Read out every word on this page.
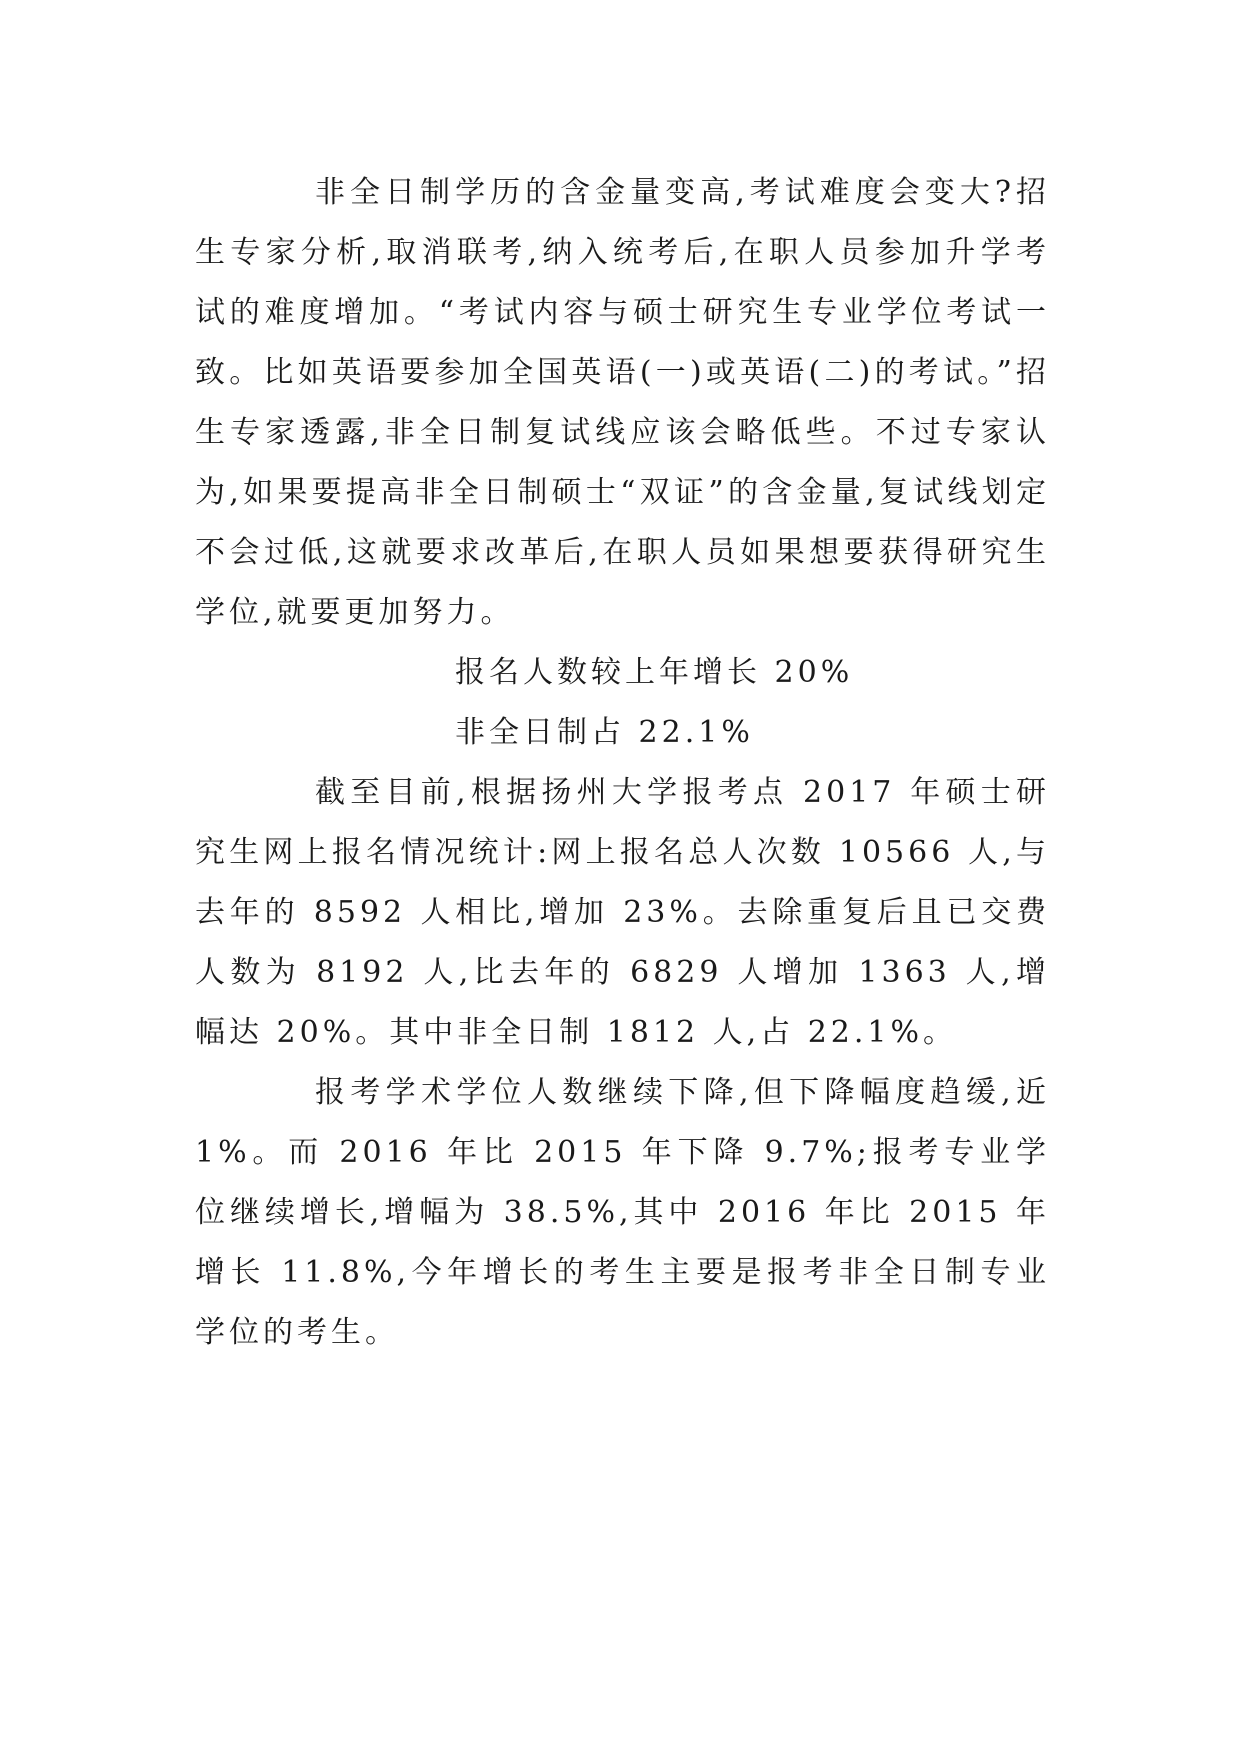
非全日制学历的含金量变高,考试难度会变大?招生专家分析,取消联考,纳入统考后,在职人员参加升学考试的难度增加。“考试内容与硕士研究生专业学位考试一致。比如英语要参加全国英语(一)或英语(二)的考试。”招生专家透露,非全日制复试线应该会略低些。不过专家认为,如果要提高非全日制硕士“双证”的含金量,复试线划定不会过低,这就要求改革后,在职人员如果想要获得研究生学位,就要更加努力。

报名人数较上年增长 20%

非全日制占 22.1%

截至目前,根据扬州大学报考点 2017 年硕士研究生网上报名情况统计:网上报名总人次数 10566 人,与去年的 8592 人相比,增加 23%。去除重复后且已交费人数为 8192 人,比去年的 6829 人增加 1363 人,增幅达 20%。其中非全日制 1812 人,占 22.1%。

报考学术学位人数继续下降,但下降幅度趋缓,近 1%。而 2016 年比 2015 年下降 9.7%;报考专业学位继续增长,增幅为 38.5%,其中 2016 年比 2015 年增长 11.8%,今年增长的考生主要是报考非全日制专业学位的考生。
